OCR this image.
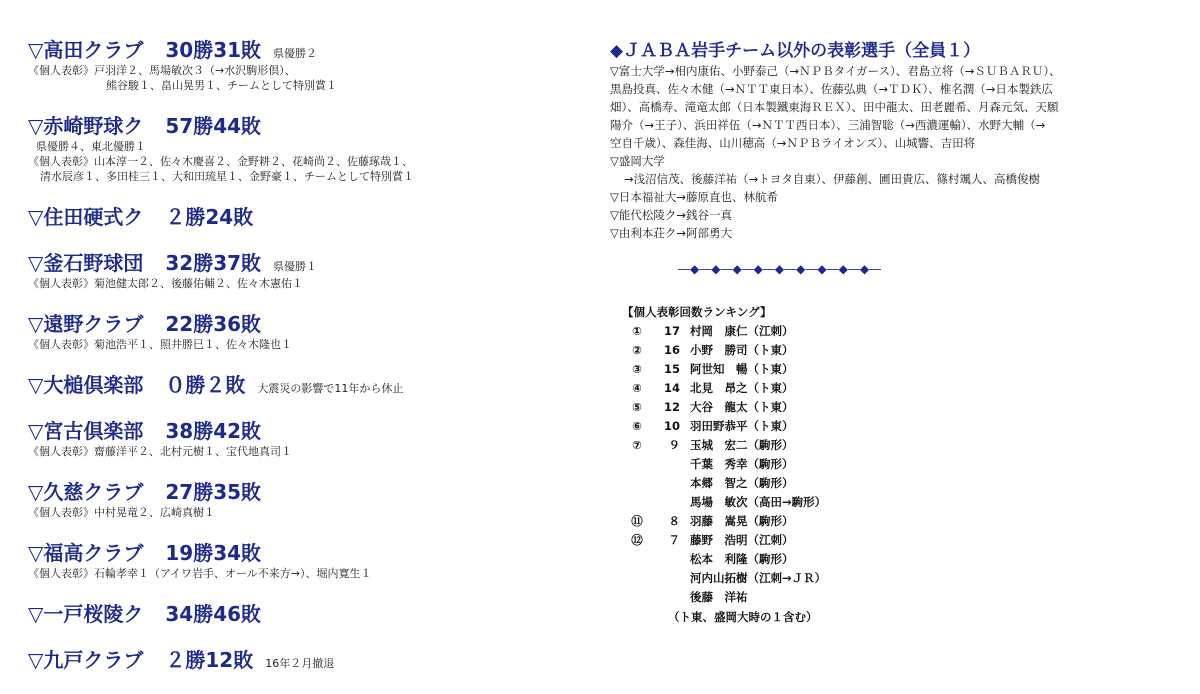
▽高田クラブ 30勝31敗 県優勝２
《個人表彰》戸羽洋２、馬場敏次３（→水沢駒形倶）、
熊谷駿１、畠山晃男１、チームとして特別賞１
▽赤崎野球ク 57勝44敗
県優勝４、東北優勝１
《個人表彰》山本淳一２、佐々木慶喜２、金野耕２、花崎尚２、佐藤琢哉１、
清水辰彦１、多田桂三１、大和田琉星１、金野豪１、チームとして特別賞１
▽住田硬式ク ２勝24敗
▽釜石野球団 32勝37敗 県優勝１
《個人表彰》菊池健太郎２、後藤佑輔２、佐々木憲佑１
▽遠野クラブ 22勝36敗
《個人表彰》菊池浩平１、照井勝巳１、佐々木隆也１
▽大槌倶楽部 ０勝２敗 大震災の影響で11年から休止
▽宮古倶楽部 38勝42敗
《個人表彰》齋藤洋平２、北村元樹１、宝代地真司１
▽久慈クラブ 27勝35敗
《個人表彰》中村晃竜２、広崎真樹１
▽福高クラブ 19勝34敗
《個人表彰》石輪孝幸１（アイワ岩手、オール不来方→）、堀内寛生１
▽一戸桜陵ク 34勝46敗
▽九戸クラブ ２勝12敗 16年２月撤退
◆ＪＡＢＡ岩手チーム以外の表彰選手（全員１）
▽富士大学→相内康佑、小野泰己（→ＮＰＢタイガース）、君島立将（→ＳＵＢＡＲＵ）、
黒島投真、佐々木健（→ＮＴＴ東日本）、佐藤弘典（→ＴＤＫ）、椎名潤（→日本製鉄広
畑）、高橋寿、滝竜太郎（日本製鐵東海ＲＥＸ）、田中龍太、田老麗希、月森元気、天願
陽介（→王子）、浜田祥伍（→ＮＴＴ西日本）、三浦智聡（→西濃運輸）、水野大輔（→
空自千歳）、森佳海、山川穂高（→ＮＰＢライオンズ）、山城響、吉田将
▽盛岡大学
→浅沼信茂、後藤洋祐（→トヨタ自東）、伊藤創、圃田貴広、篠村颯人、高橋俊樹
▽日本福祉大→藤原直也、林航希
▽能代松陵ク→銭谷一真
▽由利本荘ク→阿部勇大
―◆―◆―◆―◆―◆―◆―◆―◆―◆―
【個人表彰回数ランキング】
①	17 村岡　康仁（江刺）
②	16 小野　勝司（ト東）
③	15 阿世知　暢（ト東）
④	14 北見　昂之（ト東）
⑤	12 大谷　龍太（ト東）
⑥	10 羽田野恭平（ト東）
⑦	９ 玉城　宏二（駒形）
千葉　秀幸（駒形）
本郷　智之（駒形）
馬場　敏次（高田→駒形）
⑪	８ 羽藤　嵩晃（駒形）
⑫	７ 藤野　浩明（江刺）
松本　利隆（駒形）
河内山拓樹（江刺→ＪＲ）
後藤　洋祐
（ト東、盛岡大時の１含む）
